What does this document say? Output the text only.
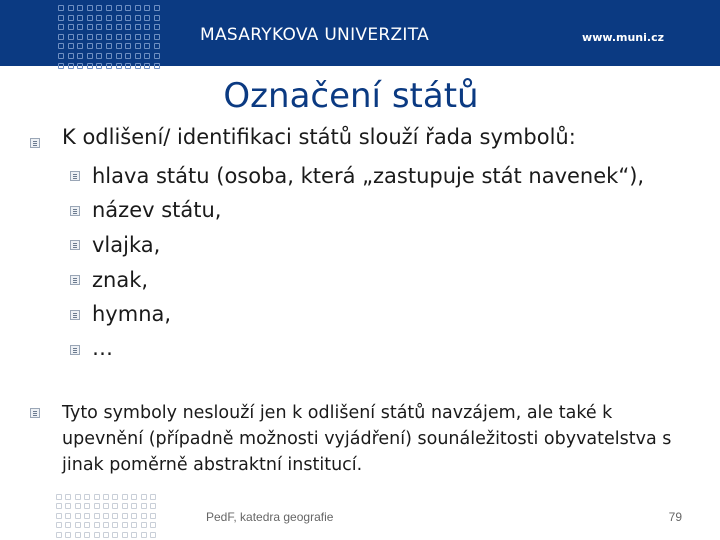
MASARYKOVA UNIVERZITA	www.muni.cz
Označení států
K odlišení/ identifikaci států slouží řada symbolů:
hlava státu (osoba, která „zastupuje stát navenek“),
název státu,
vlajka,
znak,
hymna,
…
Tyto symboly neslouží jen k odlišení států navzájem, ale také k upevnění (případně možnosti vyjádření) sounáležitosti obyvatelstva s jinak poměrně abstraktní institucí.
PedF, katedra geografie	79
